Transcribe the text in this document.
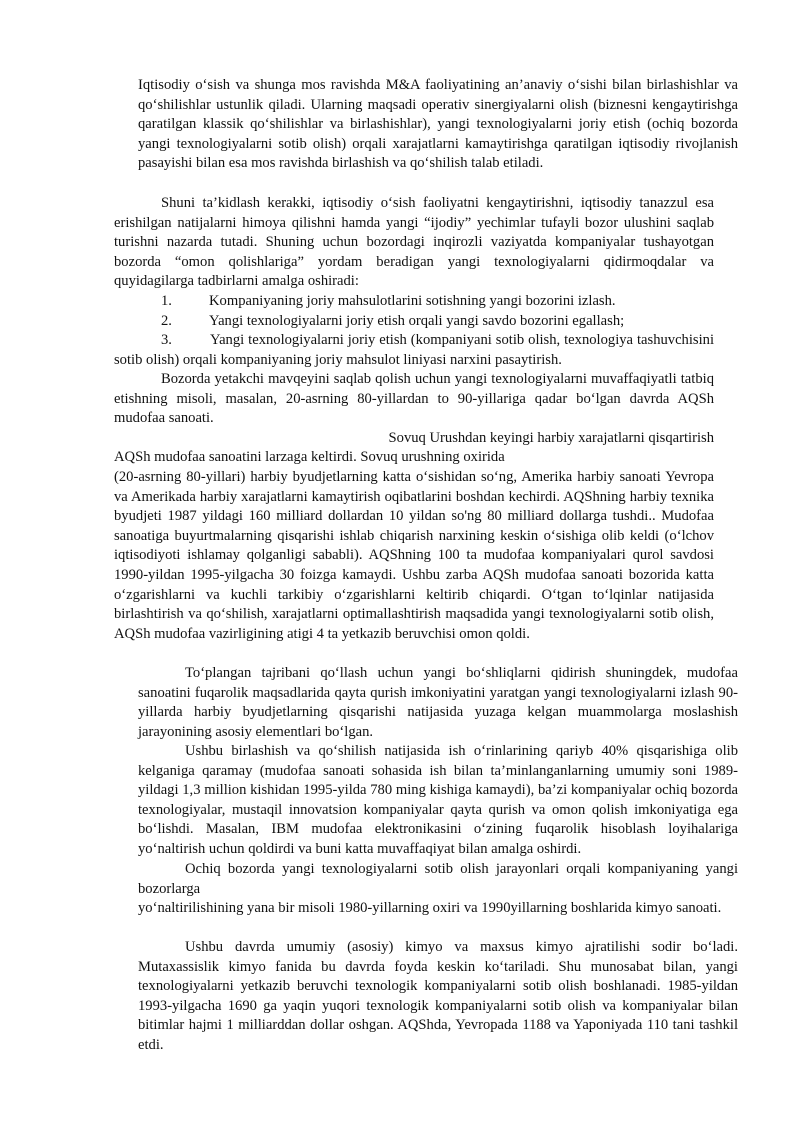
Iqtisodiy o‘sish va shunga mos ravishda M&A faoliyatining an’anaviy o‘sishi bilan birlashishlar va qo‘shilishlar ustunlik qiladi. Ularning maqsadi operativ sinergiyalarni olish (biznesni kengaytirishga qaratilgan klassik qo‘shilishlar va birlashishlar), yangi texnologiyalarni joriy etish (ochiq bozorda yangi texnologiyalarni sotib olish) orqali xarajatlarni kamaytirishga qaratilgan iqtisodiy rivojlanish pasayishi bilan esa mos ravishda birlashish va qo‘shilish talab etiladi.

Shuni ta’kidlash kerakki, iqtisodiy o‘sish faoliyatni kengaytirishni, iqtisodiy tanazzul esa erishilgan natijalarni himoya qilishni hamda yangi “ijodiy” yechimlar tufayli bozor ulushini saqlab turishni nazarda tutadi. Shuning uchun bozordagi inqirozli vaziyatda kompaniyalar tushayotgan bozorda “omon qolishlariga” yordam beradigan yangi texnologiyalarni qidirmoqdalar va quyidagilarga tadbirlarni amalga oshiradi:

1.	Kompaniyaning joriy mahsulotlarini sotishning yangi bozorini izlash.
2.	Yangi texnologiyalarni joriy etish orqali yangi savdo bozorini egallash;
3.	Yangi texnologiyalarni joriy etish (kompaniyani sotib olish, texnologiya tashuvchisini sotib olish) orqali kompaniyaning joriy mahsulot liniyasi narxini pasaytirish.

Bozorda yetakchi mavqeyini saqlab qolish uchun yangi texnologiyalarni muvaffaqiyatli tatbiq etishning misoli, masalan, 20-asrning 80-yillardan to 90-yillariga qadar bo‘lgan davrda AQSh mudofaa sanoati.

Sovuq Urushdan keyingi harbiy xarajatlarni qisqartirish

AQSh mudofaa sanoatini larzaga keltirdi. Sovuq urushning oxirida

(20-asrning 80-yillari) harbiy byudjetlarning katta o‘sishidan so‘ng, Amerika harbiy sanoati Yevropa va Amerikada harbiy xarajatlarni kamaytirish oqibatlarini boshdan kechirdi. AQShning harbiy texnika byudjeti 1987 yildagi 160 milliard dollardan 10 yildan so'ng 80 milliard dollarga tushdi.. Mudofaa sanoatiga buyurtmalarning qisqarishi ishlab chiqarish narxining keskin o‘sishiga olib keldi (o‘lchov iqtisodiyoti ishlamay qolganligi sababli). AQShning 100 ta mudofaa kompaniyalari qurol savdosi 1990-yildan 1995-yilgacha 30 foizga kamaydi. Ushbu zarba AQSh mudofaa sanoati bozorida katta o‘zgarishlarni va kuchli tarkibiy o‘zgarishlarni keltirib chiqardi. O‘tgan to‘lqinlar natijasida birlashtirish va qo‘shilish, xarajatlarni optimallashtirish maqsadida yangi texnologiyalarni sotib olish, AQSh mudofaa vazirligining atigi 4 ta yetkazib beruvchisi omon qoldi.

To‘plangan tajribani qo‘llash uchun yangi bo‘shliqlarni qidirish shuningdek, mudofaa sanoatini fuqarolik maqsadlarida qayta qurish imkoniyatini yaratgan yangi texnologiyalarni izlash 90-yillarda harbiy byudjetlarning qisqarishi natijasida yuzaga kelgan muammolarga moslashish jarayonining asosiy elementlari bo‘lgan.

Ushbu birlashish va qo‘shilish natijasida ish o‘rinlarining qariyb 40% qisqarishiga olib kelganiga qaramay (mudofaa sanoati sohasida ish bilan ta’minlanganlarning umumiy soni 1989-yildagi 1,3 million kishidan 1995-yilda 780 ming kishiga kamaydi), ba’zi kompaniyalar ochiq bozorda texnologiyalar, mustaqil innovatsion kompaniyalar qayta qurish va omon qolish imkoniyatiga ega bo‘lishdi. Masalan, IBM mudofaa elektronikasini o‘zining fuqarolik hisoblash loyihalariga yo‘naltirish uchun qoldirdi va buni katta muvaffaqiyat bilan amalga oshirdi.

Ochiq bozorda yangi texnologiyalarni sotib olish jarayonlari orqali kompaniyaning yangi bozorlarga

yo‘naltirilishining yana bir misoli 1980-yillarning oxiri va 1990yillarning boshlarida kimyo sanoati.

Ushbu davrda umumiy (asosiy) kimyo va maxsus kimyo ajratilishi sodir bo‘ladi. Mutaxassislik kimyo fanida bu davrda foyda keskin ko‘tariladi. Shu munosabat bilan, yangi texnologiyalarni yetkazib beruvchi texnologik kompaniyalarni sotib olish boshlanadi. 1985-yildan 1993-yilgacha 1690 ga yaqin yuqori texnologik kompaniyalarni sotib olish va kompaniyalar bilan bitimlar hajmi 1 milliarddan dollar oshgan. AQShda, Yevropada 1188 va Yaponiyada 110 tani tashkil etdi.
